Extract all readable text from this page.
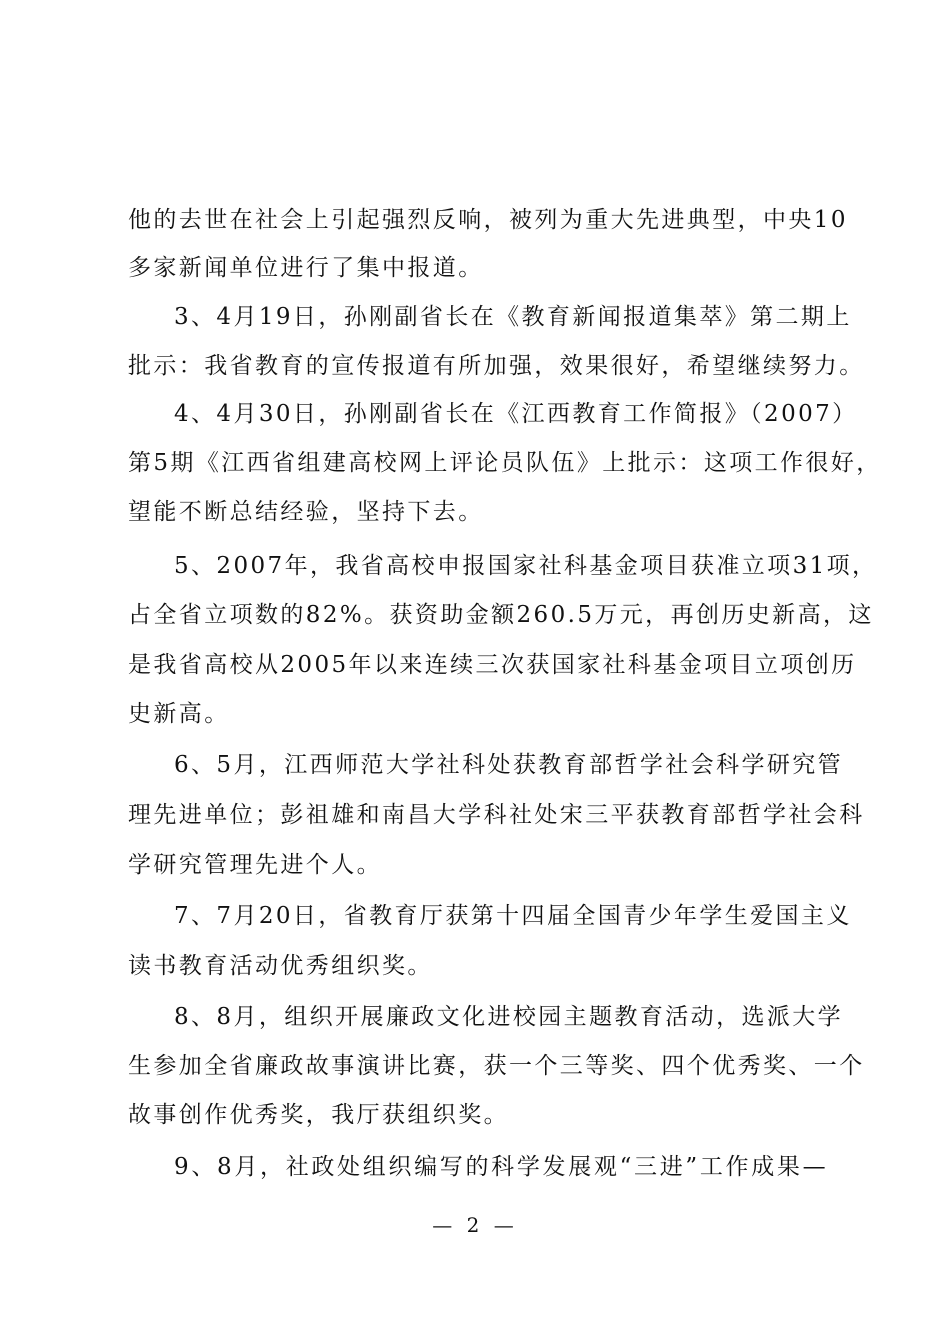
他的去世在社会上引起强烈反响，被列为重大先进典型，中央10
多家新闻单位进行了集中报道。
3、4月19日，孙刚副省长在《教育新闻报道集萃》第二期上
批示：我省教育的宣传报道有所加强，效果很好，希望继续努力。
4、4月30日，孙刚副省长在《江西教育工作简报》（2007）
第5期《江西省组建高校网上评论员队伍》上批示：这项工作很好，
望能不断总结经验，坚持下去。
5、2007年，我省高校申报国家社科基金项目获准立项31项，
占全省立项数的82%。获资助金额260.5万元，再创历史新高，这
是我省高校从2005年以来连续三次获国家社科基金项目立项创历
史新高。
6、5月，江西师范大学社科处获教育部哲学社会科学研究管
理先进单位；彭祖雄和南昌大学科社处宋三平获教育部哲学社会科
学研究管理先进个人。
7、7月20日，省教育厅获第十四届全国青少年学生爱国主义
读书教育活动优秀组织奖。
8、8月，组织开展廉政文化进校园主题教育活动，选派大学
生参加全省廉政故事演讲比赛，获一个三等奖、四个优秀奖、一个
故事创作优秀奖，我厅获组织奖。
9、8月，社政处组织编写的科学发展观“三进”工作成果—
— 2 —
